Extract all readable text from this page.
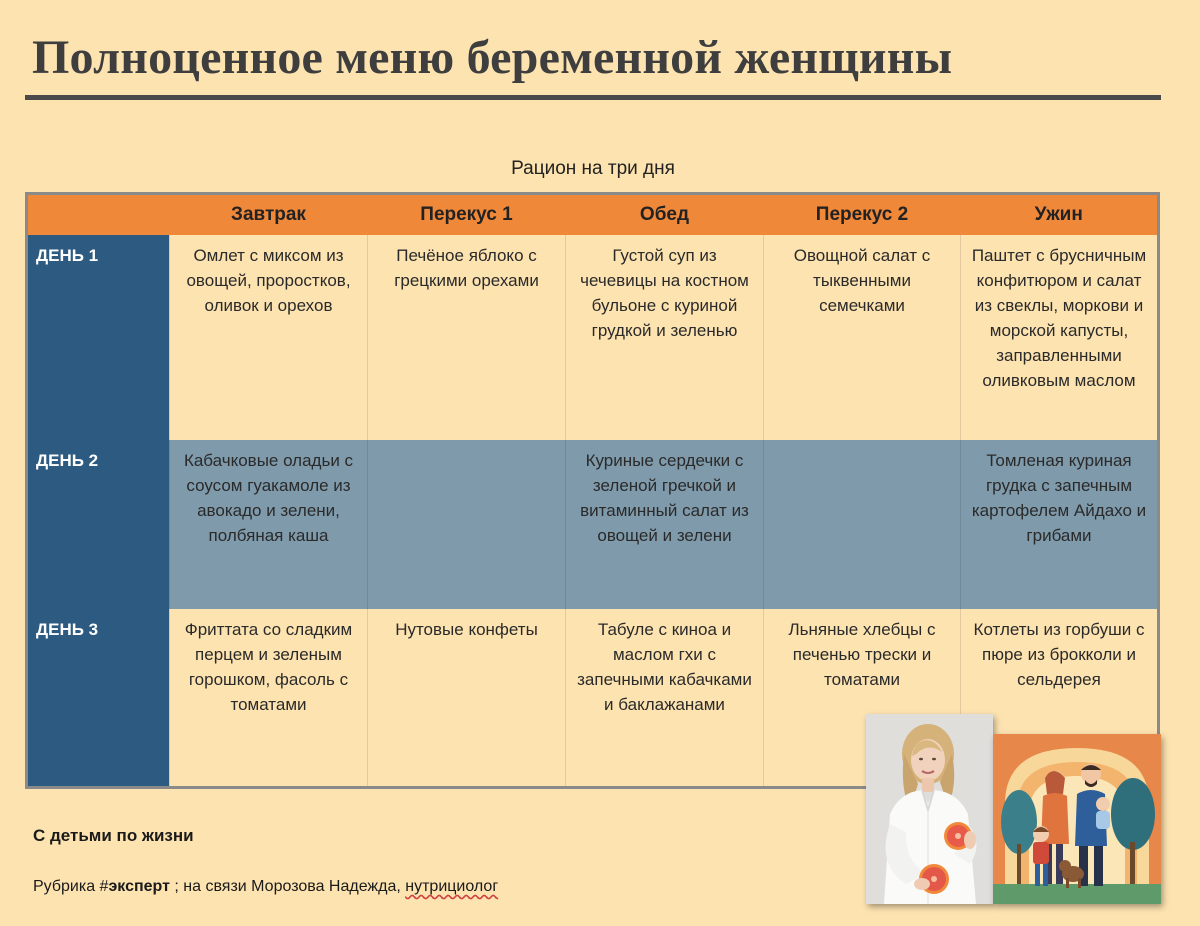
Полноценное меню беременной женщины
Рацион на три дня
	Завтрак	Перекус 1	Обед	Перекус 2	Ужин
ДЕНЬ 1	Омлет с миксом из овощей, проростков, оливок и орехов	Печёное яблоко с грецкими орехами	Густой суп из чечевицы на костном бульоне с куриной грудкой и зеленью	Овощной салат с тыквенными семечками	Паштет с брусничным конфитюром и салат из свеклы, моркови и морской капусты, заправленными оливковым маслом
ДЕНЬ 2	Кабачковые оладьи с соусом гуакамоле из авокадо и зелени, полбяная каша		Куриные сердечки с зеленой гречкой и витаминный салат из овощей и зелени		Томленая куриная грудка с запечным картофелем Айдахо и грибами
ДЕНЬ 3	Фриттата со сладким перцем и зеленым горошком, фасоль с томатами	Нутовые конфеты	Табуле с киноа и маслом гхи с запечными кабачками и баклажанами	Льняные хлебцы с печенью трески и томатами	Котлеты из горбуши с пюре из брокколи и сельдерея
С детьми по жизни
Рубрика #эксперт ; на связи Морозова Надежда, нутрициолог
